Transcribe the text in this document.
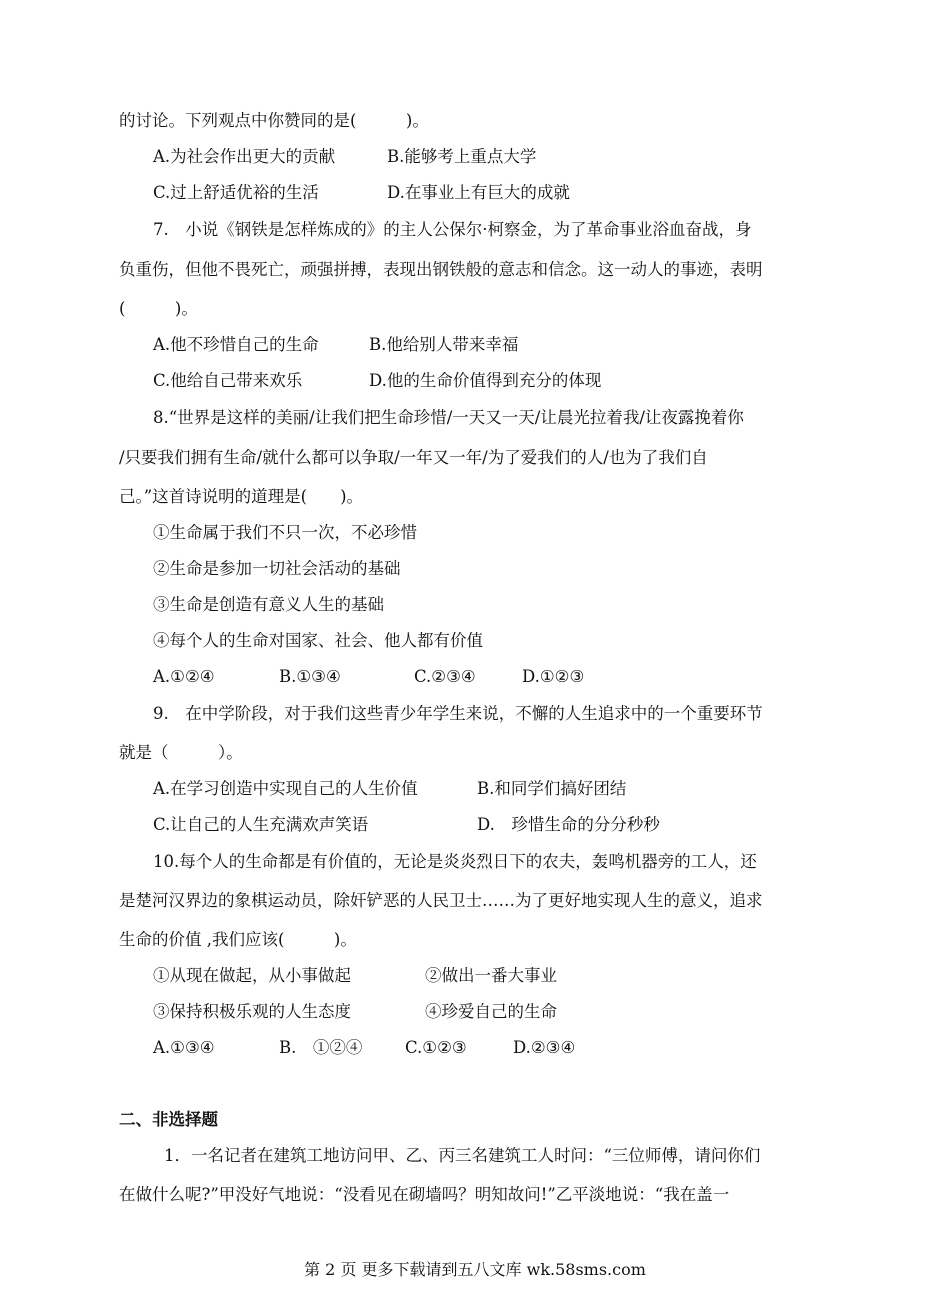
的讨论。下列观点中你赞同的是(　　　)。
A.为社会作出更大的贡献	B.能够考上重点大学
C.过上舒适优裕的生活	D.在事业上有巨大的成就
7.　小说《钢铁是怎样炼成的》的主人公保尔·柯察金，为了革命事业浴血奋战，身
负重伤，但他不畏死亡，顽强拼搏，表现出钢铁般的意志和信念。这一动人的事迹，表明
(　　　)。
A.他不珍惜自己的生命	B.他给别人带来幸福
C.他给自己带来欢乐	D.他的生命价值得到充分的体现
8.“世界是这样的美丽/让我们把生命珍惜/一天又一天/让晨光拉着我/让夜露挽着你
/只要我们拥有生命/就什么都可以争取/一年又一年/为了爱我们的人/也为了我们自
己。”这首诗说明的道理是(　　)。
①生命属于我们不只一次，不必珍惜
②生命是参加一切社会活动的基础
③生命是创造有意义人生的基础
④每个人的生命对国家、社会、他人都有价值
A.①②④	B.①③④	C.②③④	D.①②③
9.　在中学阶段，对于我们这些青少年学生来说，不懈的人生追求中的一个重要环节
就是（　　　）。
A.在学习创造中实现自己的人生价值	B.和同学们搞好团结
C.让自己的人生充满欢声笑语	D.　珍惜生命的分分秒秒
10.每个人的生命都是有价值的，无论是炎炎烈日下的农夫，轰鸣机器旁的工人，还
是楚河汉界边的象棋运动员，除奸铲恶的人民卫士……为了更好地实现人生的意义，追求
生命的价值 ,我们应该(　　　)。
①从现在做起，从小事做起	②做出一番大事业
③保持积极乐观的人生态度	④珍爱自己的生命
A.①③④	B.　①②④	C.①②③	D.②③④
二、非选择题
1．一名记者在建筑工地访问甲、乙、丙三名建筑工人时问：“三位师傅，请问你们
在做什么呢?”甲没好气地说：“没看见在砌墙吗？明知故问!”乙平淡地说：“我在盖一
第 2 页 更多下载请到五八文库 wk.58sms.com
